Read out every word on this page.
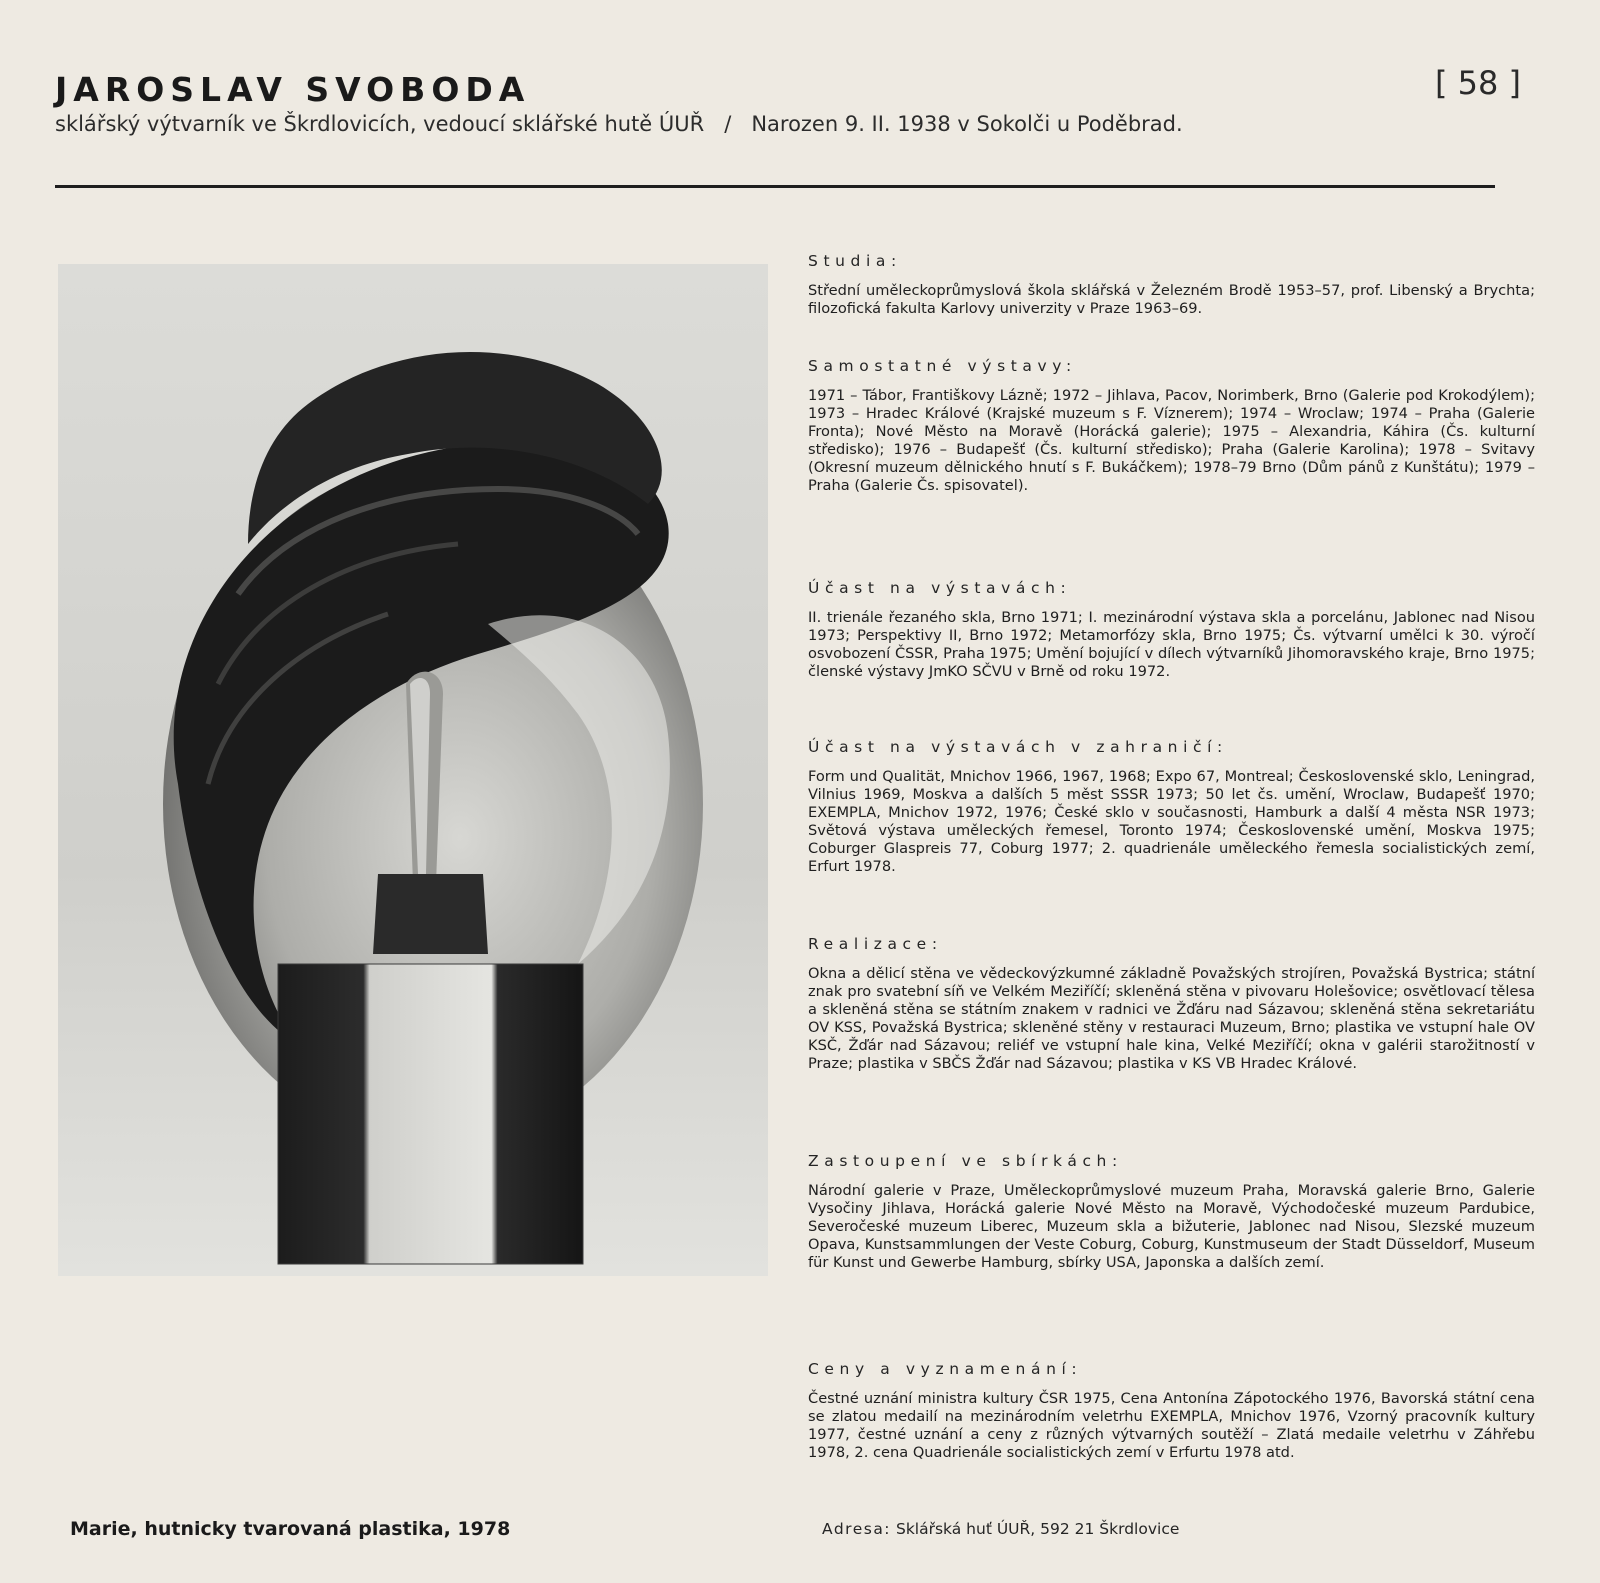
JAROSLAV SVOBODA	[ 58 ]
sklářský výtvarník ve Škrdlovicích, vedoucí sklářské hutě ÚUŘ / Narozen 9. II. 1938 v Sokolči u Poděbrad.
Marie, hutnicky tvarovaná plastika, 1978
Studia:

Střední uměleckoprůmyslová škola sklářská v Železném Brodě 1953–57, prof. Libenský a Brychta; filozofická fakulta Karlovy univerzity v Praze 1963–69.

Samostatné výstavy:

1971 – Tábor, Františkovy Lázně; 1972 – Jihlava, Pacov, Norimberk, Brno (Galerie pod Krokodýlem); 1973 – Hradec Králové (Krajské muzeum s F. Víznerem); 1974 – Wroclaw; 1974 – Praha (Galerie Fronta); Nové Město na Moravě (Horácká galerie); 1975 – Alexandria, Káhira (Čs. kulturní středisko); 1976 – Budapešť (Čs. kulturní středisko); Praha (Galerie Karolina); 1978 – Svitavy (Okresní muzeum dělnického hnutí s F. Bukáčkem); 1978–79 Brno (Dům pánů z Kunštátu); 1979 – Praha (Galerie Čs. spisovatel).

Účast na výstavách:

II. trienále řezaného skla, Brno 1971; I. mezinárodní výstava skla a porcelánu, Jablonec nad Nisou 1973; Perspektivy II, Brno 1972; Metamorfózy skla, Brno 1975; Čs. výtvarní umělci k 30. výročí osvobození ČSSR, Praha 1975; Umění bojující v dílech výtvarníků Jihomoravského kraje, Brno 1975; členské výstavy JmKO SČVU v Brně od roku 1972.

Účast na výstavách v zahraničí:

Form und Qualität, Mnichov 1966, 1967, 1968; Expo 67, Montreal; Československé sklo, Leningrad, Vilnius 1969, Moskva a dalších 5 měst SSSR 1973; 50 let čs. umění, Wroclaw, Budapešť 1970; EXEMPLA, Mnichov 1972, 1976; České sklo v současnosti, Hamburk a další 4 města NSR 1973; Světová výstava uměleckých řemesel, Toronto 1974; Československé umění, Moskva 1975; Coburger Glaspreis 77, Coburg 1977; 2. quadrienále uměleckého řemesla socialistických zemí, Erfurt 1978.

Realizace:

Okna a dělicí stěna ve vědeckovýzkumné základně Považských strojíren, Považská Bystrica; státní znak pro svatební síň ve Velkém Meziříčí; skleněná stěna v pivovaru Holešovice; osvětlovací tělesa a skleněná stěna se státním znakem v radnici ve Žďáru nad Sázavou; skleněná stěna sekretariátu OV KSS, Považská Bystrica; skleněné stěny v restauraci Muzeum, Brno; plastika ve vstupní hale OV KSČ, Žďár nad Sázavou; reliéf ve vstupní hale kina, Velké Meziříčí; okna v galérii starožitností v Praze; plastika v SBČS Žďár nad Sázavou; plastika v KS VB Hradec Králové.

Zastoupení ve sbírkách:

Národní galerie v Praze, Uměleckoprůmyslové muzeum Praha, Moravská galerie Brno, Galerie Vysočiny Jihlava, Horácká galerie Nové Město na Moravě, Východočeské muzeum Pardubice, Severočeské muzeum Liberec, Muzeum skla a bižuterie, Jablonec nad Nisou, Slezské muzeum Opava, Kunstsammlungen der Veste Coburg, Coburg, Kunstmuseum der Stadt Düsseldorf, Museum für Kunst und Gewerbe Hamburg, sbírky USA, Japonska a dalších zemí.

Ceny a vyznamenání:

Čestné uznání ministra kultury ČSR 1975, Cena Antonína Zápotockého 1976, Bavorská státní cena se zlatou medailí na mezinárodním veletrhu EXEMPLA, Mnichov 1976, Vzorný pracovník kultury 1977, čestné uznání a ceny z různých výtvarných soutěží – Zlatá medaile veletrhu v Záhřebu 1978, 2. cena Quadrienále socialistických zemí v Erfurtu 1978 atd.

Adresa: Sklářská huť ÚUŘ, 592 21 Škrdlovice
